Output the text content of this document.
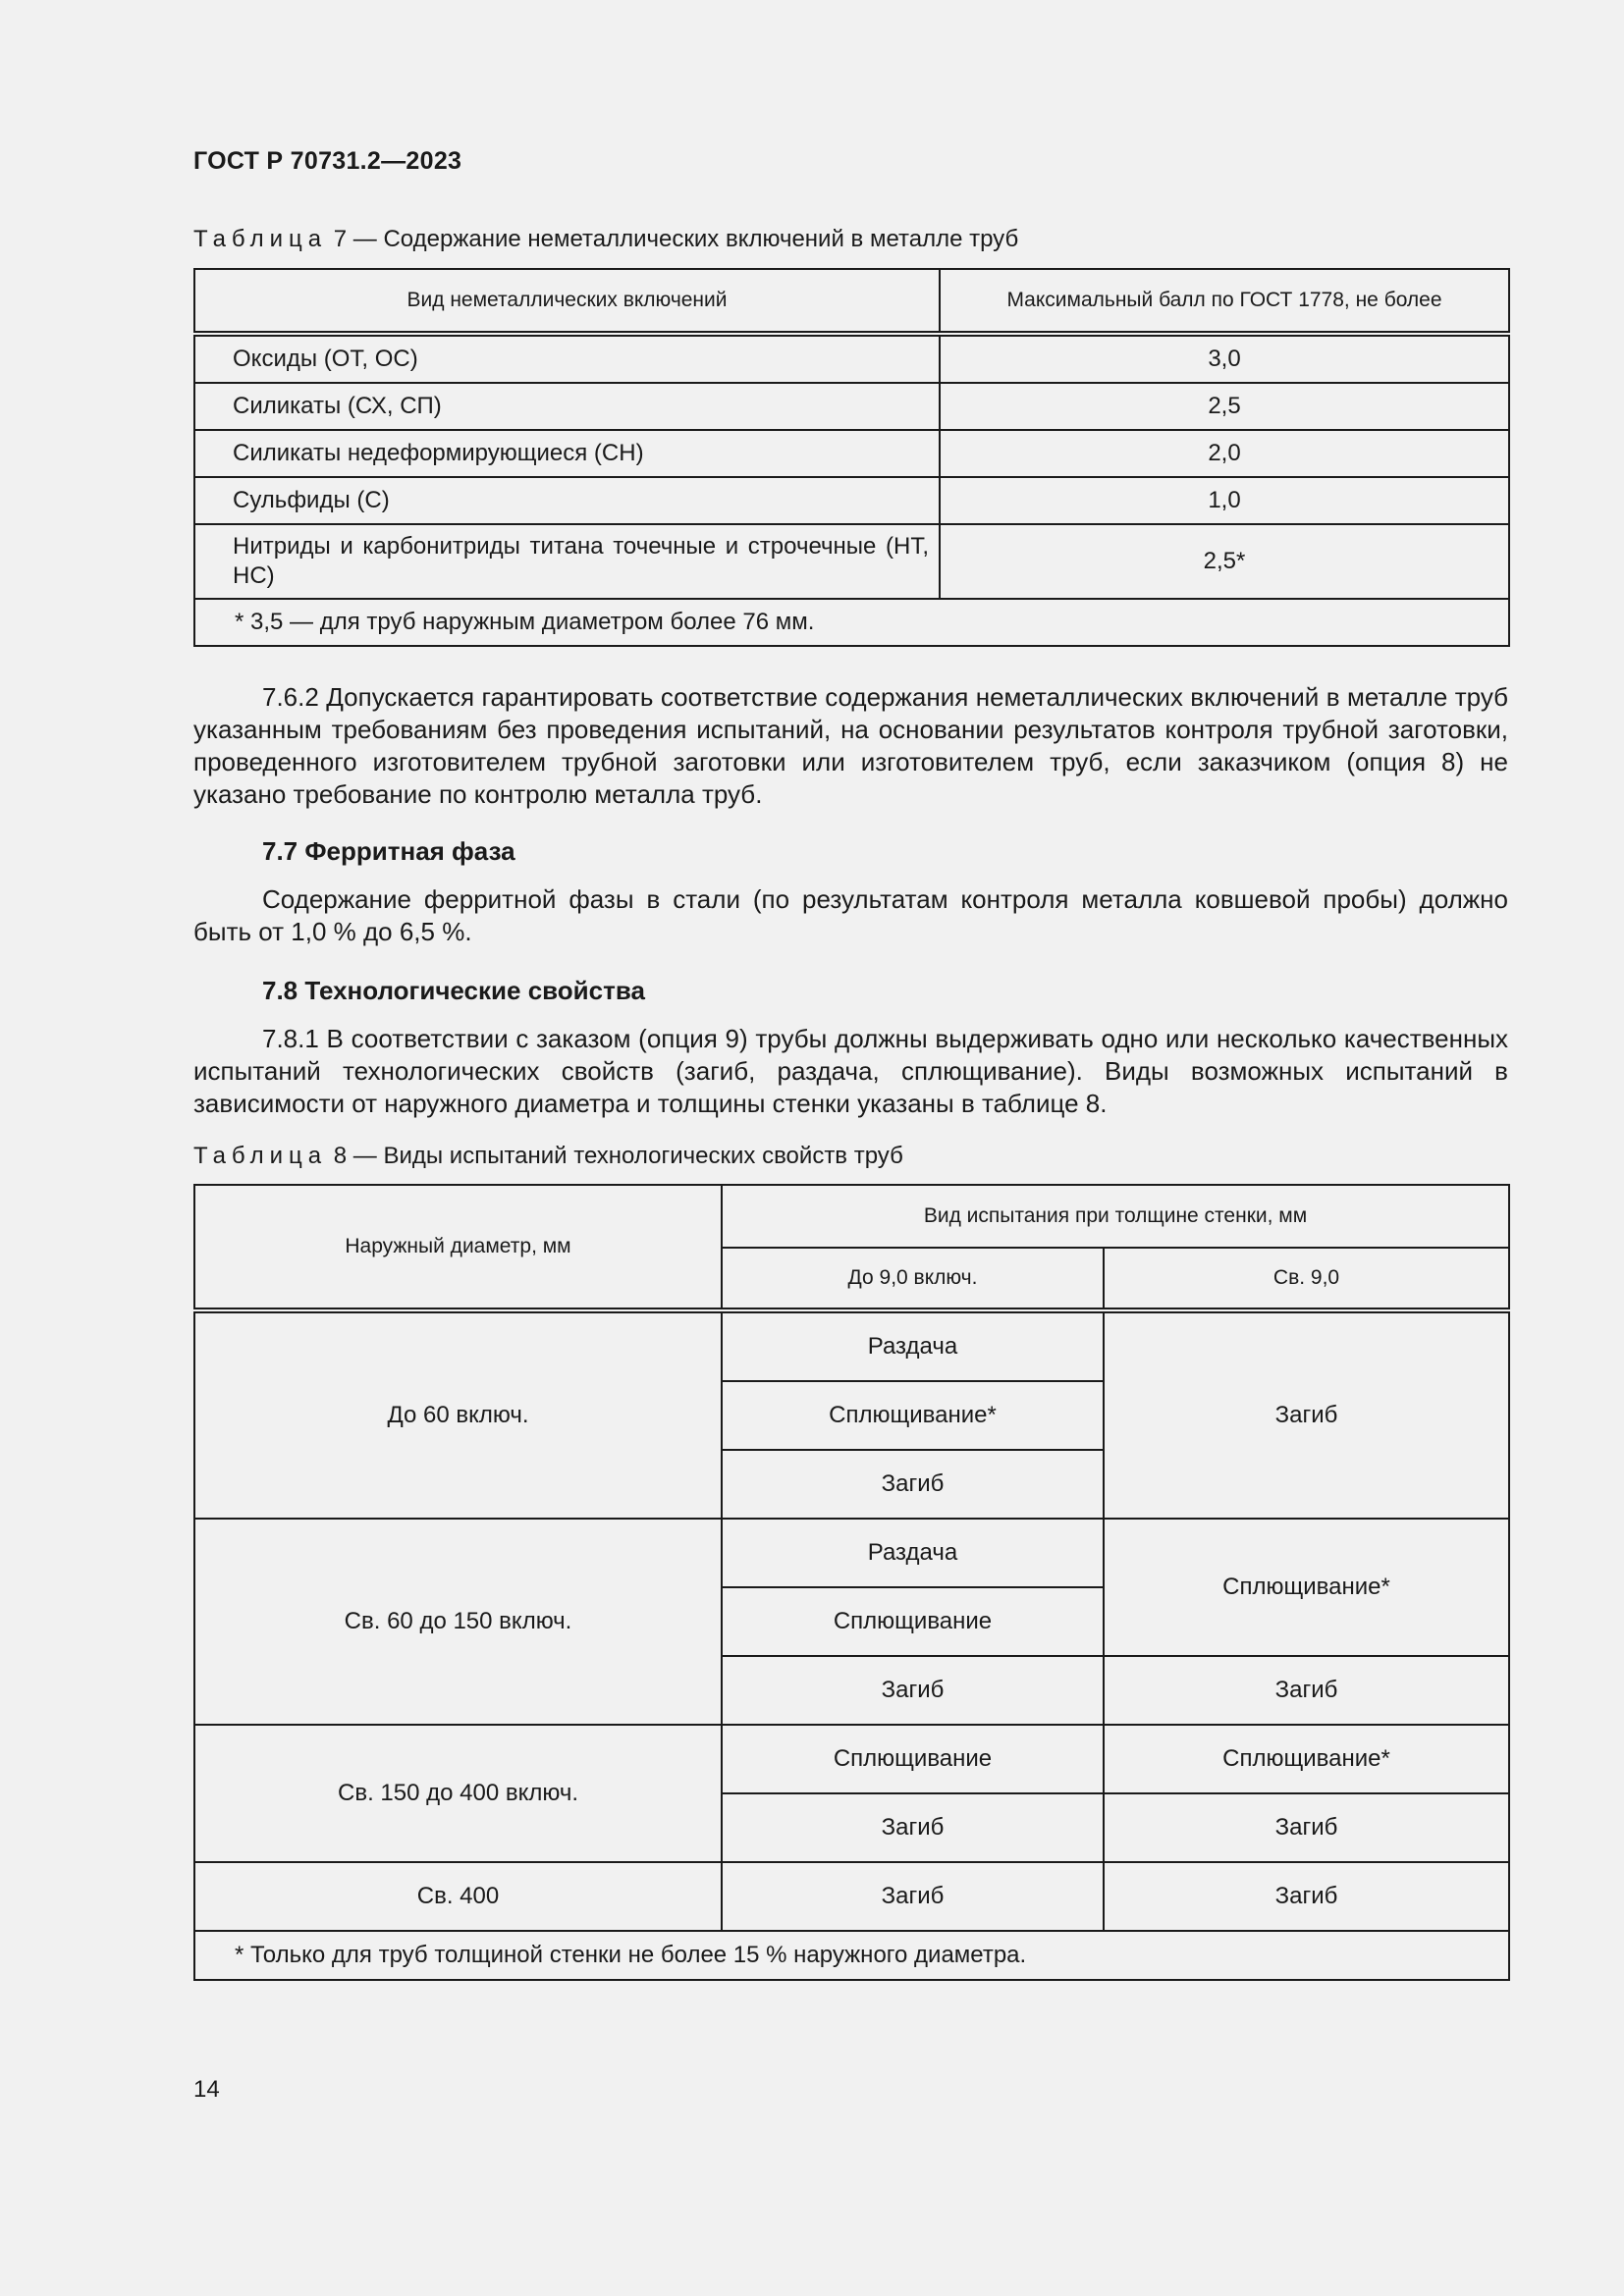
ГОСТ Р 70731.2—2023
Таблица 7 — Содержание неметаллических включений в металле труб
Вид неметаллических включений	Максимальный балл по ГОСТ 1778, не более
Оксиды (ОТ, ОС)	3,0
Силикаты (СХ, СП)	2,5
Силикаты недеформирующиеся (СН)	2,0
Сульфиды (С)	1,0
Нитриды и карбонитриды титана точечные и строчечные (НТ, НС)	2,5*
* 3,5 — для труб наружным диаметром более 76 мм.	

7.6.2 Допускается гарантировать соответствие содержания неметаллических включений в металле труб указанным требованиям без проведения испытаний, на основании результатов контроля трубной заготовки, проведенного изготовителем трубной заготовки или изготовителем труб, если заказчиком (опция 8) не указано требование по контролю металла труб.

7.7 Ферритная фаза

Содержание ферритной фазы в стали (по результатам контроля металла ковшевой пробы) должно быть от 1,0 % до 6,5 %.

7.8 Технологические свойства

7.8.1 В соответствии с заказом (опция 9) трубы должны выдерживать одно или несколько качественных испытаний технологических свойств (загиб, раздача, сплющивание). Виды возможных испытаний в зависимости от наружного диаметра и толщины стенки указаны в таблице 8.

Таблица 8 — Виды испытаний технологических свойств труб
Наружный диаметр, мм	Вид испытания при толщине стенки, мм	
	До 9,0 включ.	Св. 9,0
До 60 включ.	Раздача	Загиб
	Сплющивание*	
	Загиб	
Св. 60 до 150 включ.	Раздача	Сплющивание*
	Сплющивание	
	Загиб	Загиб
Св. 150 до 400 включ.	Сплющивание	Сплющивание*
	Загиб	Загиб
Св. 400	Загиб	Загиб
* Только для труб толщиной стенки не более 15 % наружного диаметра.		
14
